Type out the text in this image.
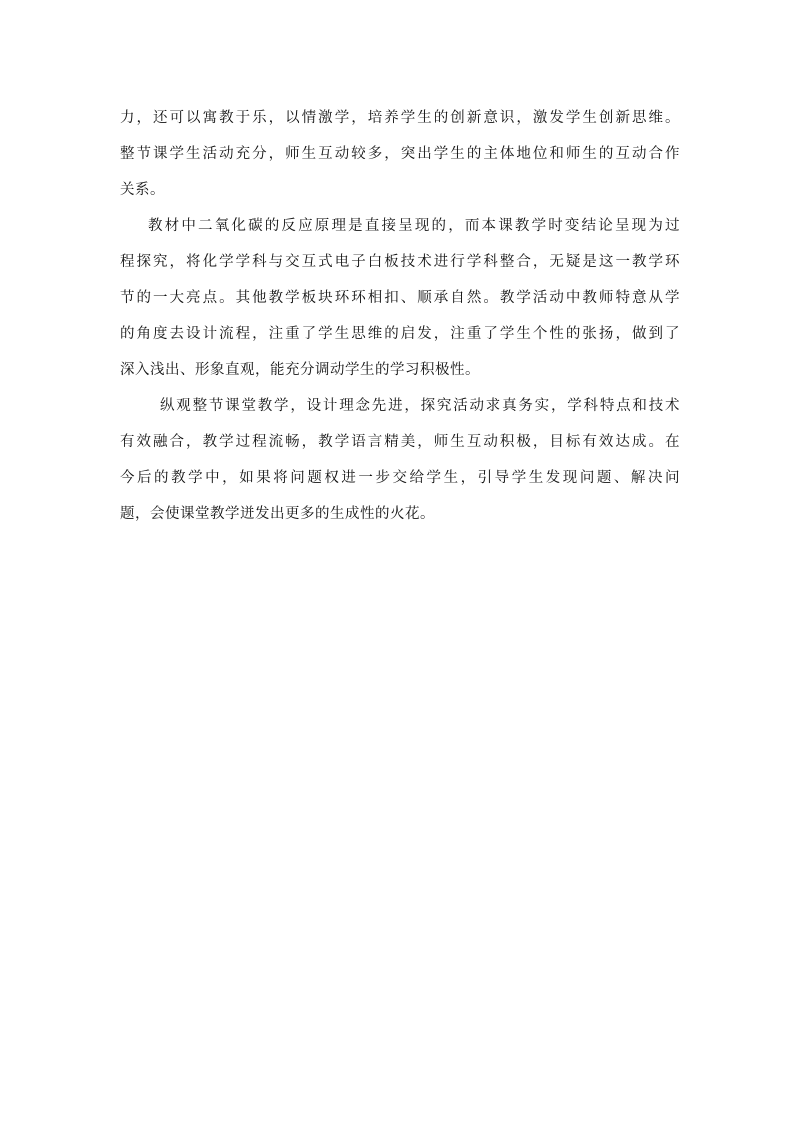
力，还可以寓教于乐，以情激学，培养学生的创新意识，激发学生创新思维。
整节课学生活动充分，师生互动较多，突出学生的主体地位和师生的互动合作
关系。
教材中二氧化碳的反应原理是直接呈现的，而本课教学时变结论呈现为过
程探究，将化学学科与交互式电子白板技术进行学科整合，无疑是这一教学环
节的一大亮点。其他教学板块环环相扣、顺承自然。教学活动中教师特意从学
的角度去设计流程，注重了学生思维的启发，注重了学生个性的张扬，做到了
深入浅出、形象直观，能充分调动学生的学习积极性。
纵观整节课堂教学，设计理念先进，探究活动求真务实，学科特点和技术
有效融合，教学过程流畅，教学语言精美，师生互动积极，目标有效达成。在
今后的教学中，如果将问题权进一步交给学生，引导学生发现问题、解决问
题，会使课堂教学迸发出更多的生成性的火花。
